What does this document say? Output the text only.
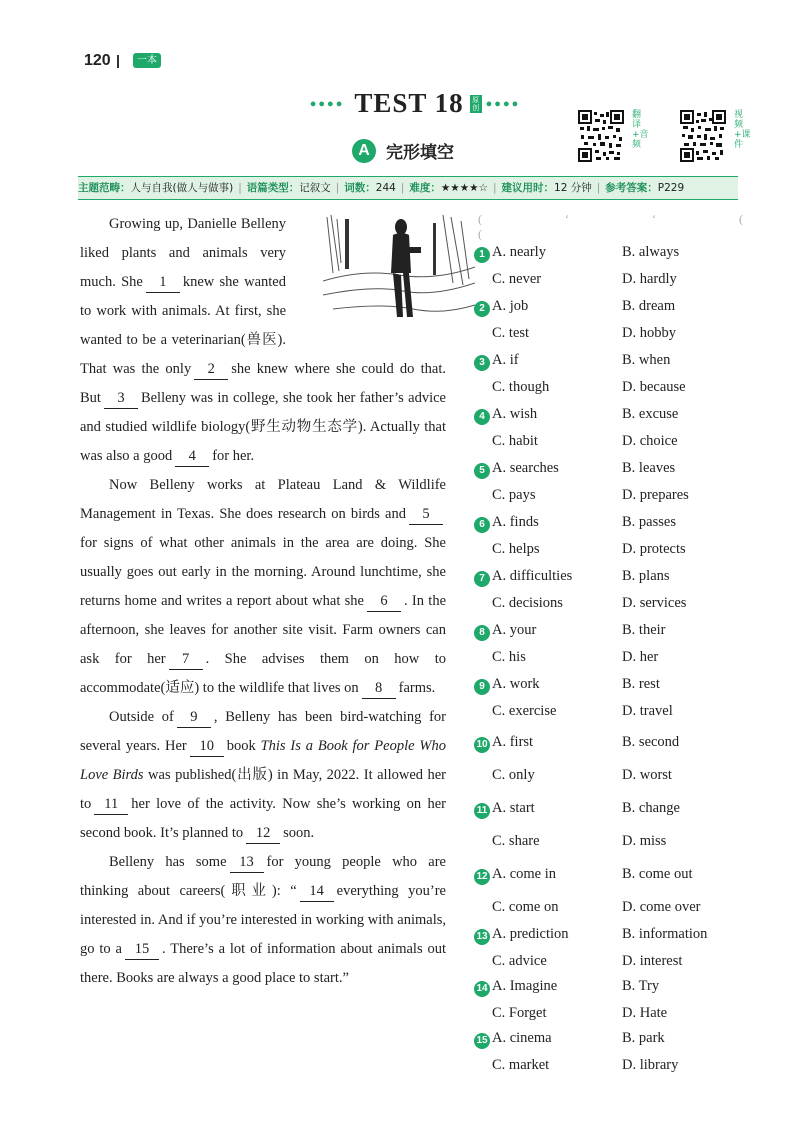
120	一本
●●●● TEST 18 原创 ●●●●
A 完形填空
翻译+音频
视频+课件
主题范畴：人与自我(做人与做事) | 语篇类型：记叙文 | 词数：244 | 难度：★★★★☆ | 建议用时：12 分钟 | 参考答案：P229

Growing up, Danielle Belleny liked plants and animals very much. She 1 knew she wanted to work with animals. At first, she wanted to be a veterinarian(兽医). That was the only 2 she knew where she could do that. But 3 Belleny was in college, she took her father’s advice and studied wildlife biology(野生动物生态学). Actually that was also a good 4 for her.

Now Belleny works at Plateau Land & Wildlife Management in Texas. She does research on birds and 5for signs of what other animals in the area are doing. She usually goes out early in the morning. Around lunchtime, she returns home and writes a report about what she 6 . In the afternoon, she leaves for another site visit. Farm owners can ask for her 7 . She advises them on how to accommodate(适应) to the wildlife that lives on 8 farms.

Outside of 9 , Belleny has been bird-watching for several years. Her 10 book This Is a Book for People Who Love Birds was published(出版) in May, 2022. It allowed her to 11 her love of the activity. Now she’s working on her second book. It’s planned to 12 soon.

Belleny has some 13 for young people who are thinking about careers(职业): “ 14 everything you’re interested in. And if you’re interested in working with animals, go to a 15 . There’s a lot of information about animals out there. Books are always a good place to start.”

( ‘ ‘ ( (
1 A. nearly	B. always
C. never	D. hardly
2 A. job	B. dream
C. test	D. hobby
3 A. if	B. when
C. though	D. because
4 A. wish	B. excuse
C. habit	D. choice
5 A. searches	B. leaves
C. pays	D. prepares
6 A. finds	B. passes
C. helps	D. protects
7 A. difficulties	B. plans
C. decisions	D. services
8 A. your	B. their
C. his	D. her
9 A. work	B. rest
C. exercise	D. travel
10 A. first	B. second
C. only	D. worst
11 A. start	B. change
C. share	D. miss
12 A. come in	B. come out
C. come on	D. come over
13 A. prediction	B. information
C. advice	D. interest
14 A. Imagine	B. Try
C. Forget	D. Hate
15 A. cinema	B. park
C. market	D. library
